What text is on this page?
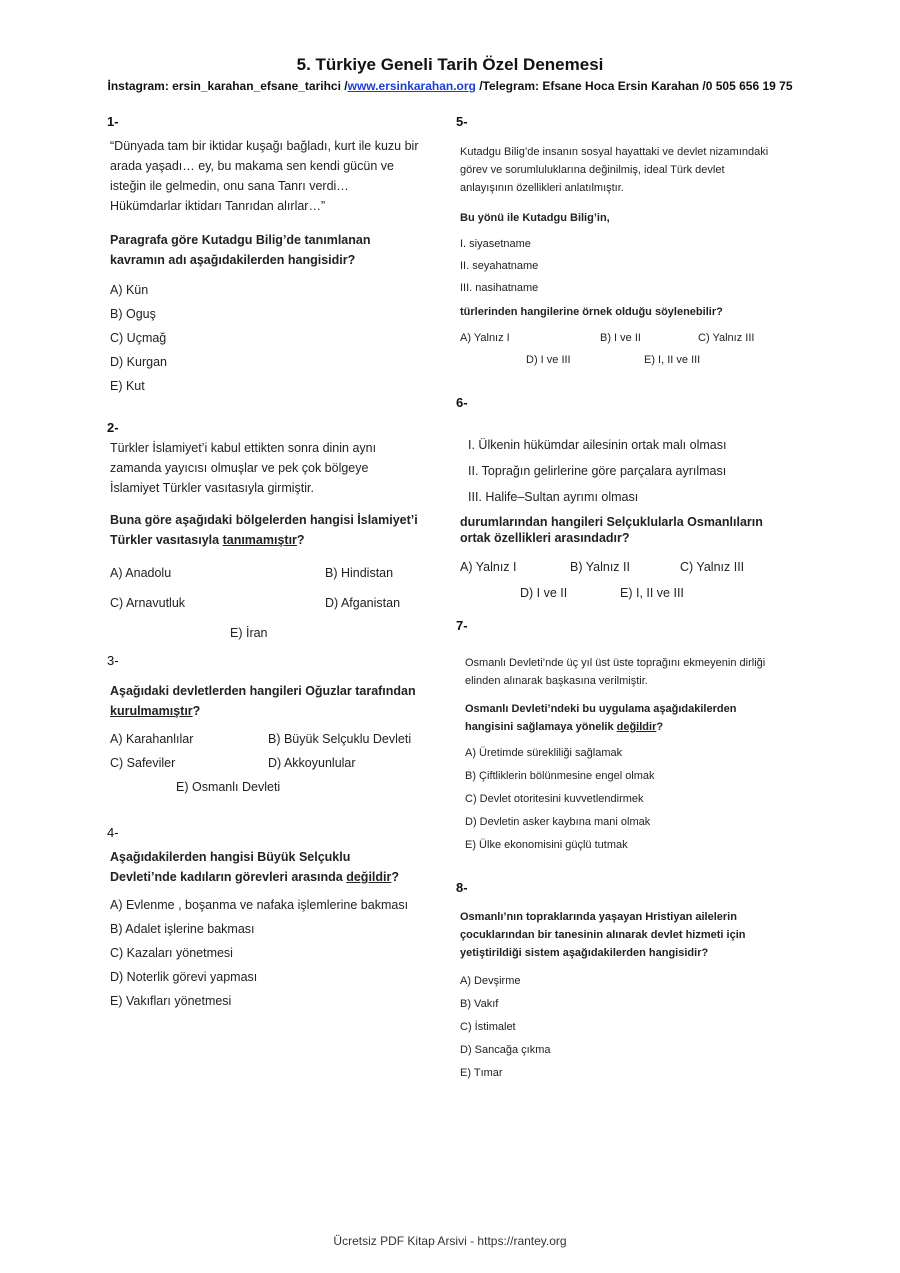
5. Türkiye Geneli Tarih Özel Denemesi
İnstagram: ersin_karahan_efsane_tarihci /www.ersinkarahan.org /Telegram: Efsane Hoca Ersin Karahan /0 505 656 19 75
1-

“Dünyada tam bir iktidar kuşağı bağladı, kurt ile kuzu bir arada yaşadı… ey, bu makama sen kendi gücün ve isteğin ile gelmedin, onu sana Tanrı verdi… Hükümdarlar iktidarı Tanrıdan alırlar…”

Paragrafa göre Kutadgu Bilig’de tanımlanan kavramın adı aşağıdakilerden hangisidir?

A) Kün

B) Oguş

C) Uçmağ

D) Kurgan

E) Kut

2-

Türkler İslamiyet’i kabul ettikten sonra dinin aynı zamanda yayıcısı olmuşlar ve pek çok bölgeye İslamiyet Türkler vasıtasıyla girmiştir.

Buna göre aşağıdaki bölgelerden hangisi İslamiyet’i Türkler vasıtasıyla tanımamıştır?

A) Anadolu	B) Hindistan
C) Arnavutluk	D) Afganistan
E) İran
3-

Aşağıdaki devletlerden hangileri Oğuzlar tarafından kurulmamıştır?

A) Karahanlılar	B) Büyük Selçuklu Devleti
C) Safeviler	D) Akkoyunlular
E) Osmanlı Devleti
4-

Aşağıdakilerden hangisi Büyük Selçuklu Devleti’nde kadıların görevleri arasında değildir?

A) Evlenme , boşanma ve nafaka işlemlerine bakması

B) Adalet işlerine bakması

C) Kazaları yönetmesi

D) Noterlik görevi yapması

E) Vakıfları yönetmesi

5-

Kutadgu Bilig’de insanın sosyal hayattaki ve devlet nizamındaki görev ve sorumluluklarına değinilmiş, ideal Türk devlet anlayışının özellikleri anlatılmıştır.

Bu yönü ile Kutadgu Bilig’in,

I. siyasetname

II. seyahatname

III. nasihatname

türlerinden hangilerine örnek olduğu söylenebilir?

A) Yalnız I	B) I ve II	C) Yalnız III
D) I ve III	E) I, II ve III
6-

I. Ülkenin hükümdar ailesinin ortak malı olması

II. Toprağın gelirlerine göre parçalara ayrılması

III. Halife–Sultan ayrımı olması

durumlarından hangileri Selçuklularla Osmanlıların ortak özellikleri arasındadır?

A) Yalnız I	B) Yalnız II	C) Yalnız III
D) I ve II	E) I, II ve III
7-

Osmanlı Devleti’nde üç yıl üst üste toprağını ekmeyenin dirliği elinden alınarak başkasına verilmiştir.

Osmanlı Devleti’ndeki bu uygulama aşağıdakilerden hangisini sağlamaya yönelik değildir?

A) Üretimde sürekliliği sağlamak

B) Çiftliklerin bölünmesine engel olmak

C) Devlet otoritesini kuvvetlendirmek

D) Devletin asker kaybına mani olmak

E) Ülke ekonomisini güçlü tutmak

8-

Osmanlı’nın topraklarında yaşayan Hristiyan ailelerin çocuklarından bir tanesinin alınarak devlet hizmeti için yetiştirildiği sistem aşağıdakilerden hangisidir?

A) Devşirme

B) Vakıf

C) İstimalet

D) Sancağa çıkma

E) Tımar

Ücretsiz PDF Kitap Arsivi - https://rantey.org
